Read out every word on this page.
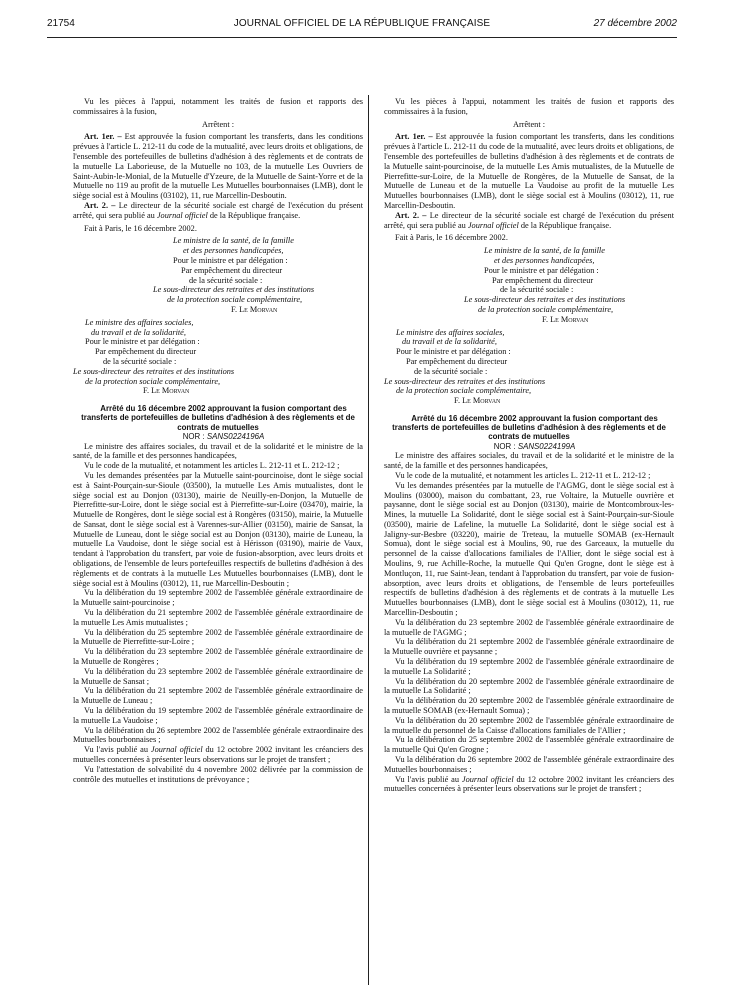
21754	JOURNAL OFFICIEL DE LA RÉPUBLIQUE FRANÇAISE	27 décembre 2002

Vu les pièces à l'appui, notamment les traités de fusion et rapports des commissaires à la fusion,

Arrêtent :

Art. 1er. – Est approuvée la fusion comportant les transferts, dans les conditions prévues à l'article L. 212-11 du code de la mutualité, avec leurs droits et obligations, de l'ensemble des portefeuilles de bulletins d'adhésion à des règlements et de contrats de la mutuelle La Laborieuse, de la Mutuelle no 103, de la mutuelle Les Ouvriers de Saint-Aubin-le-Monial, de la Mutuelle d'Yzeure, de la Mutuelle de Saint-Yorre et de la Mutuelle no 119 au profit de la mutuelle Les Mutuelles bourbonnaises (LMB), dont le siège social est à Moulins (03102), 11, rue Marcellin-Desboutin.

Art. 2. – Le directeur de la sécurité sociale est chargé de l'exécution du présent arrêté, qui sera publié au Journal officiel de la République française.

Fait à Paris, le 16 décembre 2002.

Le ministre de la santé, de la famille

et des personnes handicapées,

Pour le ministre et par délégation :

Par empêchement du directeur

de la sécurité sociale :

Le sous-directeur des retraites et des institutions

de la protection sociale complémentaire,

F. Le Morvan

Le ministre des affaires sociales,

du travail et de la solidarité,

Pour le ministre et par délégation :

Par empêchement du directeur

de la sécurité sociale :

Le sous-directeur des retraites et des institutions

de la protection sociale complémentaire,

F. Le Morvan

Arrêté du 16 décembre 2002 approuvant la fusion comportant des transferts de portefeuilles de bulletins d'adhésion à des règlements et de contrats de mutuelles

NOR : SANS0224196A

Le ministre des affaires sociales, du travail et de la solidarité et le ministre de la santé, de la famille et des personnes handicapées,

Vu le code de la mutualité, et notamment les articles L. 212-11 et L. 212-12 ;

Vu les demandes présentées par la Mutuelle saint-pourcinoise, dont le siège social est à Saint-Pourçain-sur-Sioule (03500), la mutuelle Les Amis mutualistes, dont le siège social est au Donjon (03130), mairie de Neuilly-en-Donjon, la Mutuelle de Pierrefitte-sur-Loire, dont le siège social est à Pierrefitte-sur-Loire (03470), mairie, la Mutuelle de Rongères, dont le siège social est à Rongères (03150), mairie, la Mutuelle de Sansat, dont le siège social est à Varennes-sur-Allier (03150), mairie de Sansat, la Mutuelle de Luneau, dont le siège social est au Donjon (03130), mairie de Luneau, la mutuelle La Vaudoise, dont le siège social est à Hérisson (03190), mairie de Vaux, tendant à l'approbation du transfert, par voie de fusion-absorption, avec leurs droits et obligations, de l'ensemble de leurs portefeuilles respectifs de bulletins d'adhésion à des règlements et de contrats à la mutuelle Les Mutuelles bourbonnaises (LMB), dont le siège social est à Moulins (03012), 11, rue Marcellin-Desboutin ;

Vu la délibération du 19 septembre 2002 de l'assemblée générale extraordinaire de la Mutuelle saint-pourcinoise ;

Vu la délibération du 21 septembre 2002 de l'assemblée générale extraordinaire de la mutuelle Les Amis mutualistes ;

Vu la délibération du 25 septembre 2002 de l'assemblée générale extraordinaire de la Mutuelle de Pierrefitte-sur-Loire ;

Vu la délibération du 23 septembre 2002 de l'assemblée générale extraordinaire de la Mutuelle de Rongères ;

Vu la délibération du 23 septembre 2002 de l'assemblée générale extraordinaire de la Mutuelle de Sansat ;

Vu la délibération du 21 septembre 2002 de l'assemblée générale extraordinaire de la Mutuelle de Luneau ;

Vu la délibération du 19 septembre 2002 de l'assemblée générale extraordinaire de la mutuelle La Vaudoise ;

Vu la délibération du 26 septembre 2002 de l'assemblée générale extraordinaire des Mutuelles bourbonnaises ;

Vu l'avis publié au Journal officiel du 12 octobre 2002 invitant les créanciers des mutuelles concernées à présenter leurs observations sur le projet de transfert ;

Vu l'attestation de solvabilité du 4 novembre 2002 délivrée par la commission de contrôle des mutuelles et institutions de prévoyance ;

Vu les pièces à l'appui, notamment les traités de fusion et rapports des commissaires à la fusion,

Arrêtent :

Art. 1er. – Est approuvée la fusion comportant les transferts, dans les conditions prévues à l'article L. 212-11 du code de la mutualité, avec leurs droits et obligations, de l'ensemble des portefeuilles de bulletins d'adhésion à des règlements et de contrats de la Mutuelle saint-pourcinoise, de la mutuelle Les Amis mutualistes, de la Mutuelle de Pierrefitte-sur-Loire, de la Mutuelle de Rongères, de la Mutuelle de Sansat, de la Mutuelle de Luneau et de la mutuelle La Vaudoise au profit de la mutuelle Les Mutuelles bourbonnaises (LMB), dont le siège social est à Moulins (03012), 11, rue Marcellin-Desboutin.

Art. 2. – Le directeur de la sécurité sociale est chargé de l'exécution du présent arrêté, qui sera publié au Journal officiel de la République française.

Fait à Paris, le 16 décembre 2002.

Le ministre de la santé, de la famille

et des personnes handicapées,

Pour le ministre et par délégation :

Par empêchement du directeur

de la sécurité sociale :

Le sous-directeur des retraites et des institutions

de la protection sociale complémentaire,

F. Le Morvan

Le ministre des affaires sociales,

du travail et de la solidarité,

Pour le ministre et par délégation :

Par empêchement du directeur

de la sécurité sociale :

Le sous-directeur des retraites et des institutions

de la protection sociale complémentaire,

F. Le Morvan

Arrêté du 16 décembre 2002 approuvant la fusion comportant des transferts de portefeuilles de bulletins d'adhésion à des règlements et de contrats de mutuelles

NOR : SANS0224199A

Le ministre des affaires sociales, du travail et de la solidarité et le ministre de la santé, de la famille et des personnes handicapées,

Vu le code de la mutualité, et notamment les articles L. 212-11 et L. 212-12 ;

Vu les demandes présentées par la mutuelle de l'AGMG, dont le siège social est à Moulins (03000), maison du combattant, 23, rue Voltaire, la Mutuelle ouvrière et paysanne, dont le siège social est au Donjon (03130), mairie de Montcombroux-les-Mines, la mutuelle La Solidarité, dont le siège social est à Saint-Pourçain-sur-Sioule (03500), mairie de Lafeline, la mutuelle La Solidarité, dont le siège social est à Jaligny-sur-Besbre (03220), mairie de Treteau, la mutuelle SOMAB (ex-Hernault Somua), dont le siège social est à Moulins, 90, rue des Garceaux, la mutuelle du personnel de la caisse d'allocations familiales de l'Allier, dont le siège social est à Moulins, 9, rue Achille-Roche, la mutuelle Qui Qu'en Grogne, dont le siège est à Montluçon, 11, rue Saint-Jean, tendant à l'approbation du transfert, par voie de fusion-absorption, avec leurs droits et obligations, de l'ensemble de leurs portefeuilles respectifs de bulletins d'adhésion à des règlements et de contrats à la mutuelle Les Mutuelles bourbonnaises (LMB), dont le siège social est à Moulins (03012), 11, rue Marcellin-Desboutin ;

Vu la délibération du 23 septembre 2002 de l'assemblée générale extraordinaire de la mutuelle de l'AGMG ;

Vu la délibération du 21 septembre 2002 de l'assemblée générale extraordinaire de la Mutuelle ouvrière et paysanne ;

Vu la délibération du 19 septembre 2002 de l'assemblée générale extraordinaire de la mutuelle La Solidarité ;

Vu la délibération du 20 septembre 2002 de l'assemblée générale extraordinaire de la mutuelle La Solidarité ;

Vu la délibération du 20 septembre 2002 de l'assemblée générale extraordinaire de la mutuelle SOMAB (ex-Hernault Somua) ;

Vu la délibération du 20 septembre 2002 de l'assemblée générale extraordinaire de la mutuelle du personnel de la Caisse d'allocations familiales de l'Allier ;

Vu la délibération du 25 septembre 2002 de l'assemblée générale extraordinaire de la mutuelle Qui Qu'en Grogne ;

Vu la délibération du 26 septembre 2002 de l'assemblée générale extraordinaire des Mutuelles bourbonnaises ;

Vu l'avis publié au Journal officiel du 12 octobre 2002 invitant les créanciers des mutuelles concernées à présenter leurs observations sur le projet de transfert ;
